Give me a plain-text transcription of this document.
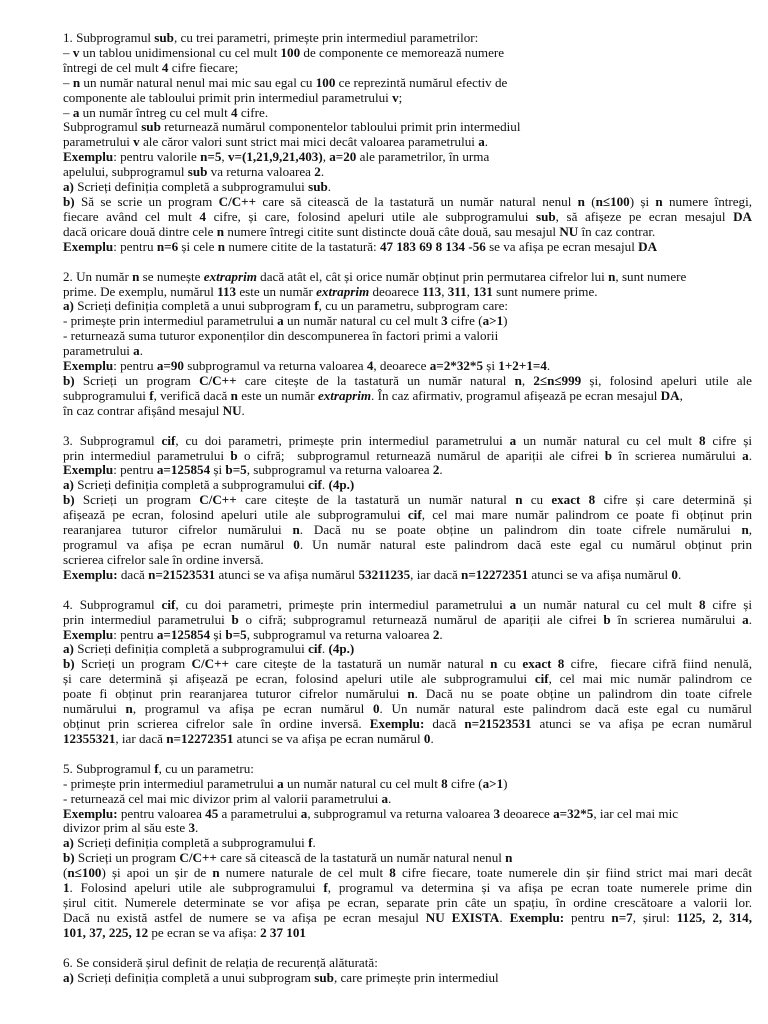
1. Subprogramul sub, cu trei parametri, primește prin intermediul parametrilor:
– v un tablou unidimensional cu cel mult 100 de componente ce memorează numere
întregi de cel mult 4 cifre fiecare;
– n un număr natural nenul mai mic sau egal cu 100 ce reprezintă numărul efectiv de
componente ale tabloului primit prin intermediul parametrului v;
– a un număr întreg cu cel mult 4 cifre.
Subprogramul sub returnează numărul componentelor tabloului primit prin intermediul
parametrului v ale căror valori sunt strict mai mici decât valoarea parametrului a.
Exemplu: pentru valorile n=5, v=(1,21,9,21,403), a=20 ale parametrilor, în urma
apelului, subprogramul sub va returna valoarea 2.
a) Scrieți definiția completă a subprogramului sub.
b) Să se scrie un program C/C++ care să citească de la tastatură un număr natural nenul n (n≤100) și n numere întregi,
fiecare având cel mult 4 cifre, și care, folosind apeluri utile ale subprogramului sub, să afișeze pe ecran mesajul DA
dacă oricare două dintre cele n numere întregi citite sunt distincte două câte două, sau mesajul NU în caz contrar.
Exemplu: pentru n=6 și cele n numere citite de la tastatură: 47 183 69 8 134 -56 se va afișa pe ecran mesajul DA
2. Un număr n se numește extraprim dacă atât el, cât și orice număr obținut prin permutarea cifrelor lui n, sunt numere
prime. De exemplu, numărul 113 este un număr extraprim deoarece 113, 311, 131 sunt numere prime.
a) Scrieți definiția completă a unui subprogram f, cu un parametru, subprogram care:
- primește prin intermediul parametrului a un număr natural cu cel mult 3 cifre (a>1)
- returnează suma tuturor exponenților din descompunerea în factori primi a valorii
parametrului a.
Exemplu: pentru a=90 subprogramul va returna valoarea 4, deoarece a=2*32*5 și 1+2+1=4.
b) Scrieți un program C/C++ care citește de la tastatură un număr natural n, 2≤n≤999 și, folosind apeluri utile ale
subprogramului f, verifică dacă n este un număr extraprim. În caz afirmativ, programul afișează pe ecran mesajul DA,
în caz contrar afișând mesajul NU.
3. Subprogramul cif, cu doi parametri, primește prin intermediul parametrului a un număr natural cu cel mult 8 cifre și
prin intermediul parametrului b o cifră;  subprogramul returnează numărul de apariții ale cifrei b în scrierea numărului a.
Exemplu: pentru a=125854 și b=5, subprogramul va returna valoarea 2.
a) Scrieți definiția completă a subprogramului cif. (4p.)
b) Scrieți un program C/C++ care citește de la tastatură un număr natural n cu exact 8 cifre și care determină și
afișează pe ecran, folosind apeluri utile ale subprogramului cif, cel mai mare număr palindrom ce poate fi obținut prin
rearanjarea tuturor cifrelor numărului n. Dacă nu se poate obține un palindrom din toate cifrele numărului n,
programul va afișa pe ecran numărul 0. Un număr natural este palindrom dacă este egal cu numărul obținut prin
scrierea cifrelor sale în ordine inversă.
Exemplu: dacă n=21523531 atunci se va afișa numărul 53211235, iar dacă n=12272351 atunci se va afișa numărul 0.
4. Subprogramul cif, cu doi parametri, primește prin intermediul parametrului a un număr natural cu cel mult 8 cifre și
prin intermediul parametrului b o cifră; subprogramul returnează numărul de apariții ale cifrei b în scrierea numărului a.
Exemplu: pentru a=125854 și b=5, subprogramul va returna valoarea 2.
a) Scrieți definiția completă a subprogramului cif. (4p.)
b) Scrieți un program C/C++ care citește de la tastatură un număr natural n cu exact 8 cifre,  fiecare cifră fiind nenulă,
și care determină și afișează pe ecran, folosind apeluri utile ale subprogramului cif, cel mai mic număr palindrom ce
poate fi obținut prin rearanjarea tuturor cifrelor numărului n. Dacă nu se poate obține un palindrom din toate cifrele
numărului n, programul va afișa pe ecran numărul 0. Un număr natural este palindrom dacă este egal cu numărul
obținut prin scrierea cifrelor sale în ordine inversă. Exemplu: dacă n=21523531 atunci se va afișa pe ecran numărul
12355321, iar dacă n=12272351 atunci se va afișa pe ecran numărul 0.
5. Subprogramul f, cu un parametru:
- primește prin intermediul parametrului a un număr natural cu cel mult 8 cifre (a>1)
- returnează cel mai mic divizor prim al valorii parametrului a.
Exemplu: pentru valoarea 45 a parametrului a, subprogramul va returna valoarea 3 deoarece a=32*5, iar cel mai mic
divizor prim al său este 3.
a) Scrieți definiția completă a subprogramului f.
b) Scrieți un program C/C++ care să citească de la tastatură un număr natural nenul n
(n≤100) și apoi un șir de n numere naturale de cel mult 8 cifre fiecare, toate numerele din șir fiind strict mai mari decât
1. Folosind apeluri utile ale subprogramului f, programul va determina și va afișa pe ecran toate numerele prime din
șirul citit. Numerele determinate se vor afișa pe ecran, separate prin câte un spațiu, în ordine crescătoare a valorii lor.
Dacă nu există astfel de numere se va afișa pe ecran mesajul NU EXISTA. Exemplu: pentru n=7, șirul: 1125, 2, 314,
101, 37, 225, 12 pe ecran se va afișa: 2 37 101
6. Se consideră șirul definit de relația de recurență alăturată:
a) Scrieți definiția completă a unui subprogram sub, care primește prin intermediul
